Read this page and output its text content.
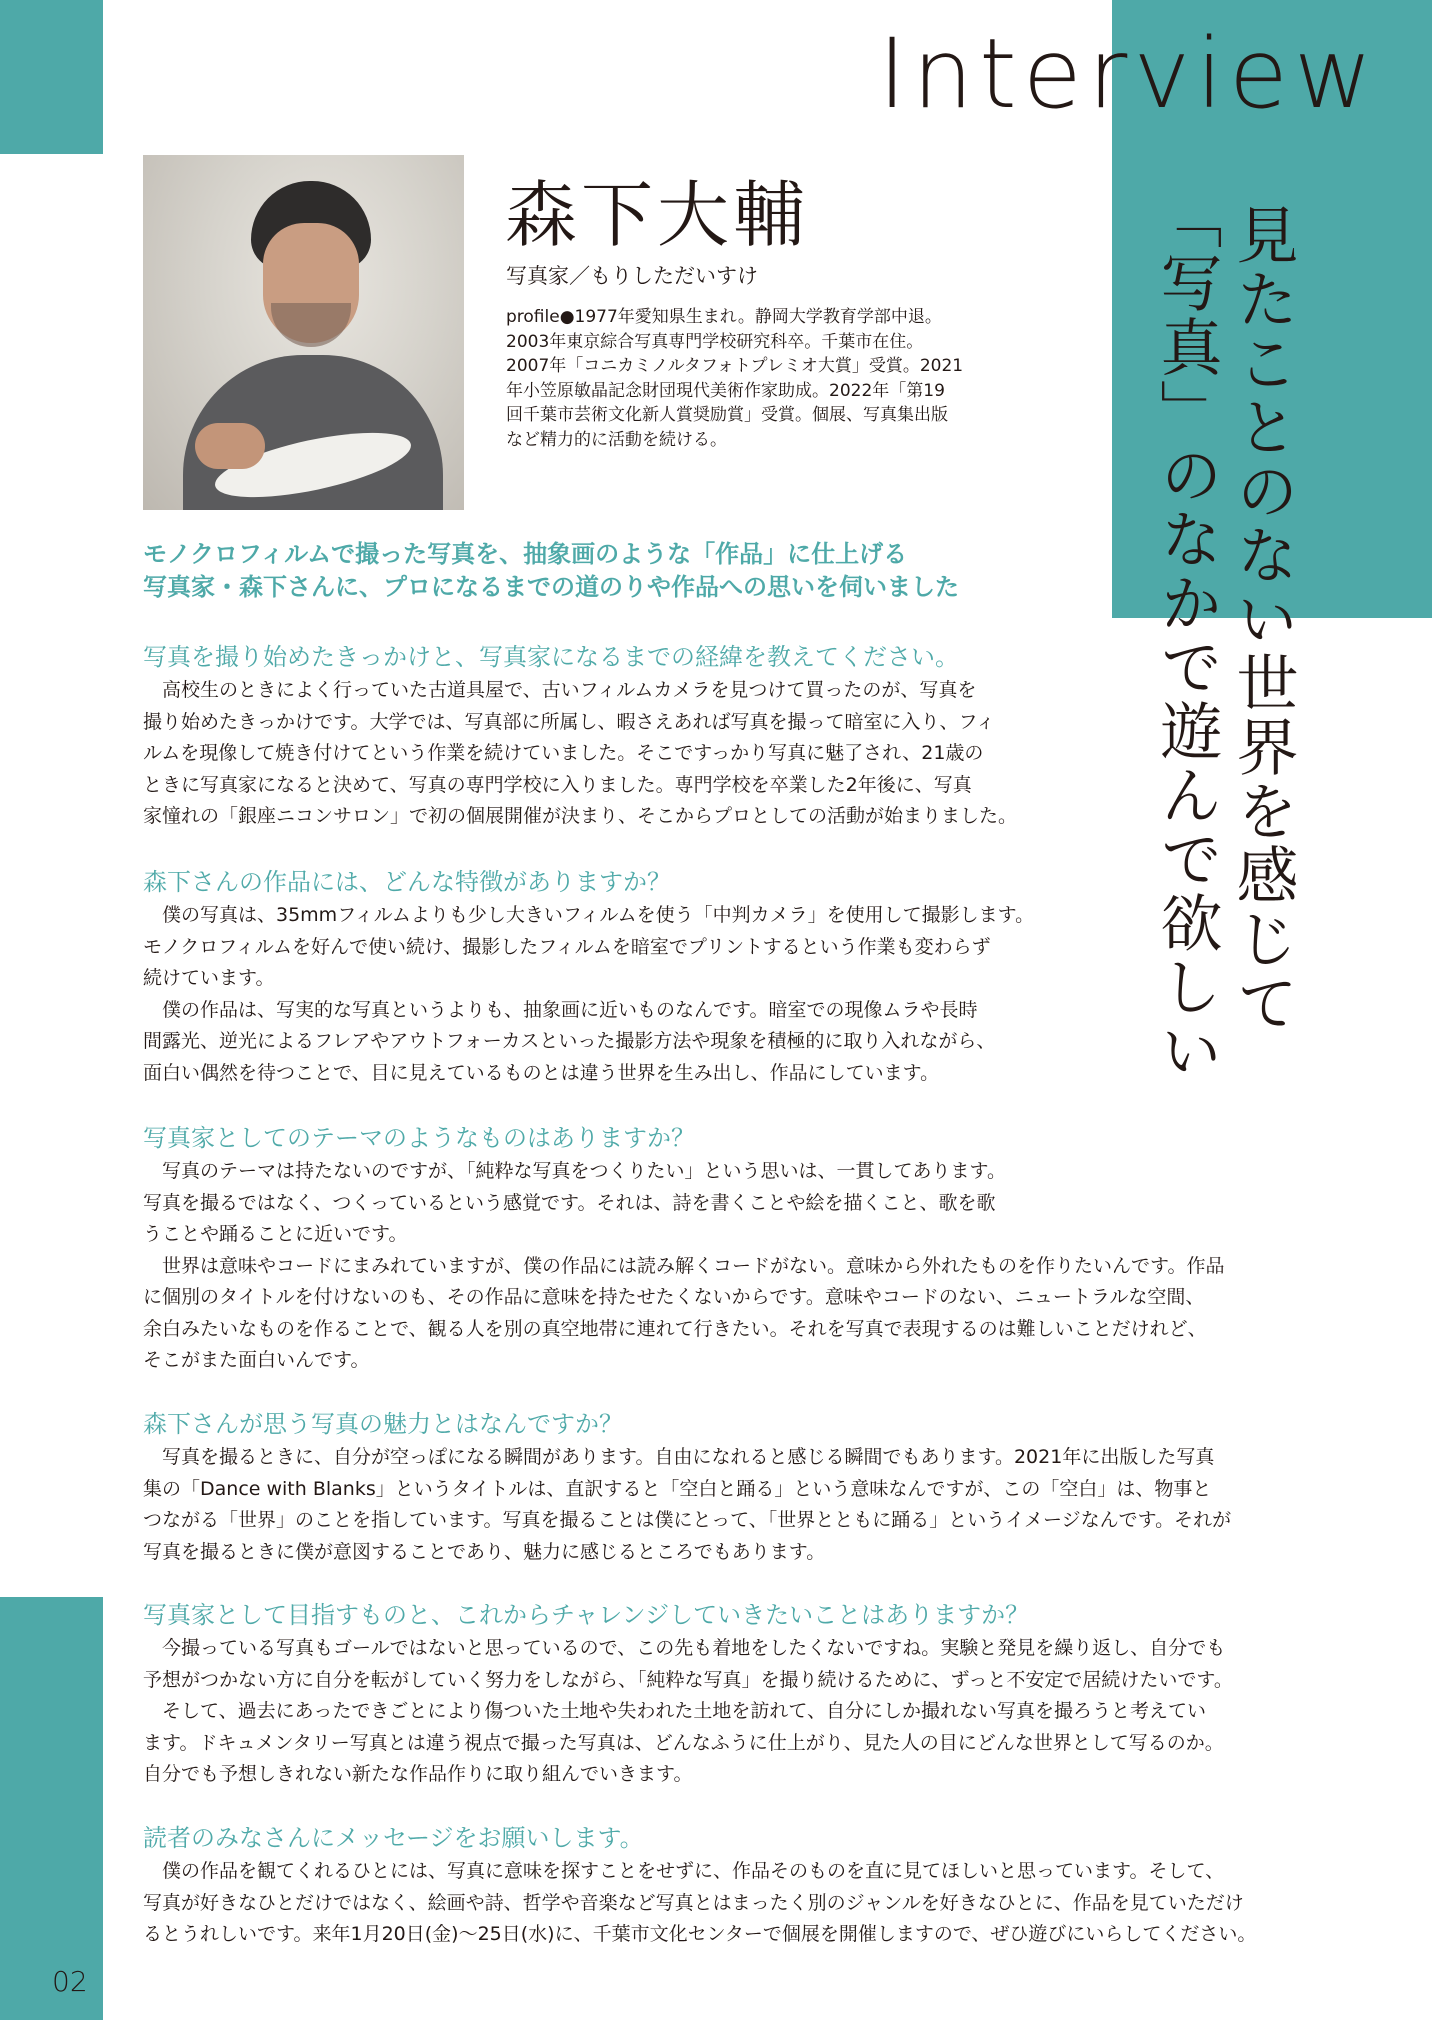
Interview
見たことのない世界を感じて
「写真」のなかで遊んで欲しい
森下大輔
写真家／もりしただいすけ
profile●1977年愛知県生まれ。静岡大学教育学部中退。
2003年東京綜合写真専門学校研究科卒。千葉市在住。
2007年「コニカミノルタフォトプレミオ大賞」受賞。2021
年小笠原敏晶記念財団現代美術作家助成。2022年「第19
回千葉市芸術文化新人賞奨励賞」受賞。個展、写真集出版
など精力的に活動を続ける。
モノクロフィルムで撮った写真を、抽象画のような「作品」に仕上げる
写真家・森下さんに、プロになるまでの道のりや作品への思いを伺いました
写真を撮り始めたきっかけと、写真家になるまでの経緯を教えてください。
　高校生のときによく行っていた古道具屋で、古いフィルムカメラを見つけて買ったのが、写真を
撮り始めたきっかけです。大学では、写真部に所属し、暇さえあれば写真を撮って暗室に入り、フィ
ルムを現像して焼き付けてという作業を続けていました。そこですっかり写真に魅了され、21歳の
ときに写真家になると決めて、写真の専門学校に入りました。専門学校を卒業した2年後に、写真
家憧れの「銀座ニコンサロン」で初の個展開催が決まり、そこからプロとしての活動が始まりました。
森下さんの作品には、どんな特徴がありますか？
　僕の写真は、35mmフィルムよりも少し大きいフィルムを使う「中判カメラ」を使用して撮影します。
モノクロフィルムを好んで使い続け、撮影したフィルムを暗室でプリントするという作業も変わらず
続けています。
　僕の作品は、写実的な写真というよりも、抽象画に近いものなんです。暗室での現像ムラや長時
間露光、逆光によるフレアやアウトフォーカスといった撮影方法や現象を積極的に取り入れながら、
面白い偶然を待つことで、目に見えているものとは違う世界を生み出し、作品にしています。
写真家としてのテーマのようなものはありますか？
　写真のテーマは持たないのですが、「純粋な写真をつくりたい」という思いは、一貫してあります。
写真を撮るではなく、つくっているという感覚です。それは、詩を書くことや絵を描くこと、歌を歌
うことや踊ることに近いです。
　世界は意味やコードにまみれていますが、僕の作品には読み解くコードがない。意味から外れたものを作りたいんです。作品
に個別のタイトルを付けないのも、その作品に意味を持たせたくないからです。意味やコードのない、ニュートラルな空間、
余白みたいなものを作ることで、観る人を別の真空地帯に連れて行きたい。それを写真で表現するのは難しいことだけれど、
そこがまた面白いんです。
森下さんが思う写真の魅力とはなんですか？
　写真を撮るときに、自分が空っぽになる瞬間があります。自由になれると感じる瞬間でもあります。2021年に出版した写真
集の「Dance with Blanks」というタイトルは、直訳すると「空白と踊る」という意味なんですが、この「空白」は、物事と
つながる「世界」のことを指しています。写真を撮ることは僕にとって、「世界とともに踊る」というイメージなんです。それが
写真を撮るときに僕が意図することであり、魅力に感じるところでもあります。
写真家として目指すものと、これからチャレンジしていきたいことはありますか？
　今撮っている写真もゴールではないと思っているので、この先も着地をしたくないですね。実験と発見を繰り返し、自分でも
予想がつかない方に自分を転がしていく努力をしながら、「純粋な写真」を撮り続けるために、ずっと不安定で居続けたいです。
　そして、過去にあったできごとにより傷ついた土地や失われた土地を訪れて、自分にしか撮れない写真を撮ろうと考えてい
ます。ドキュメンタリー写真とは違う視点で撮った写真は、どんなふうに仕上がり、見た人の目にどんな世界として写るのか。
自分でも予想しきれない新たな作品作りに取り組んでいきます。
読者のみなさんにメッセージをお願いします。
　僕の作品を観てくれるひとには、写真に意味を探すことをせずに、作品そのものを直に見てほしいと思っています。そして、
写真が好きなひとだけではなく、絵画や詩、哲学や音楽など写真とはまったく別のジャンルを好きなひとに、作品を見ていただけ
るとうれしいです。来年1月20日(金)～25日(水)に、千葉市文化センターで個展を開催しますので、ぜひ遊びにいらしてください。
02
